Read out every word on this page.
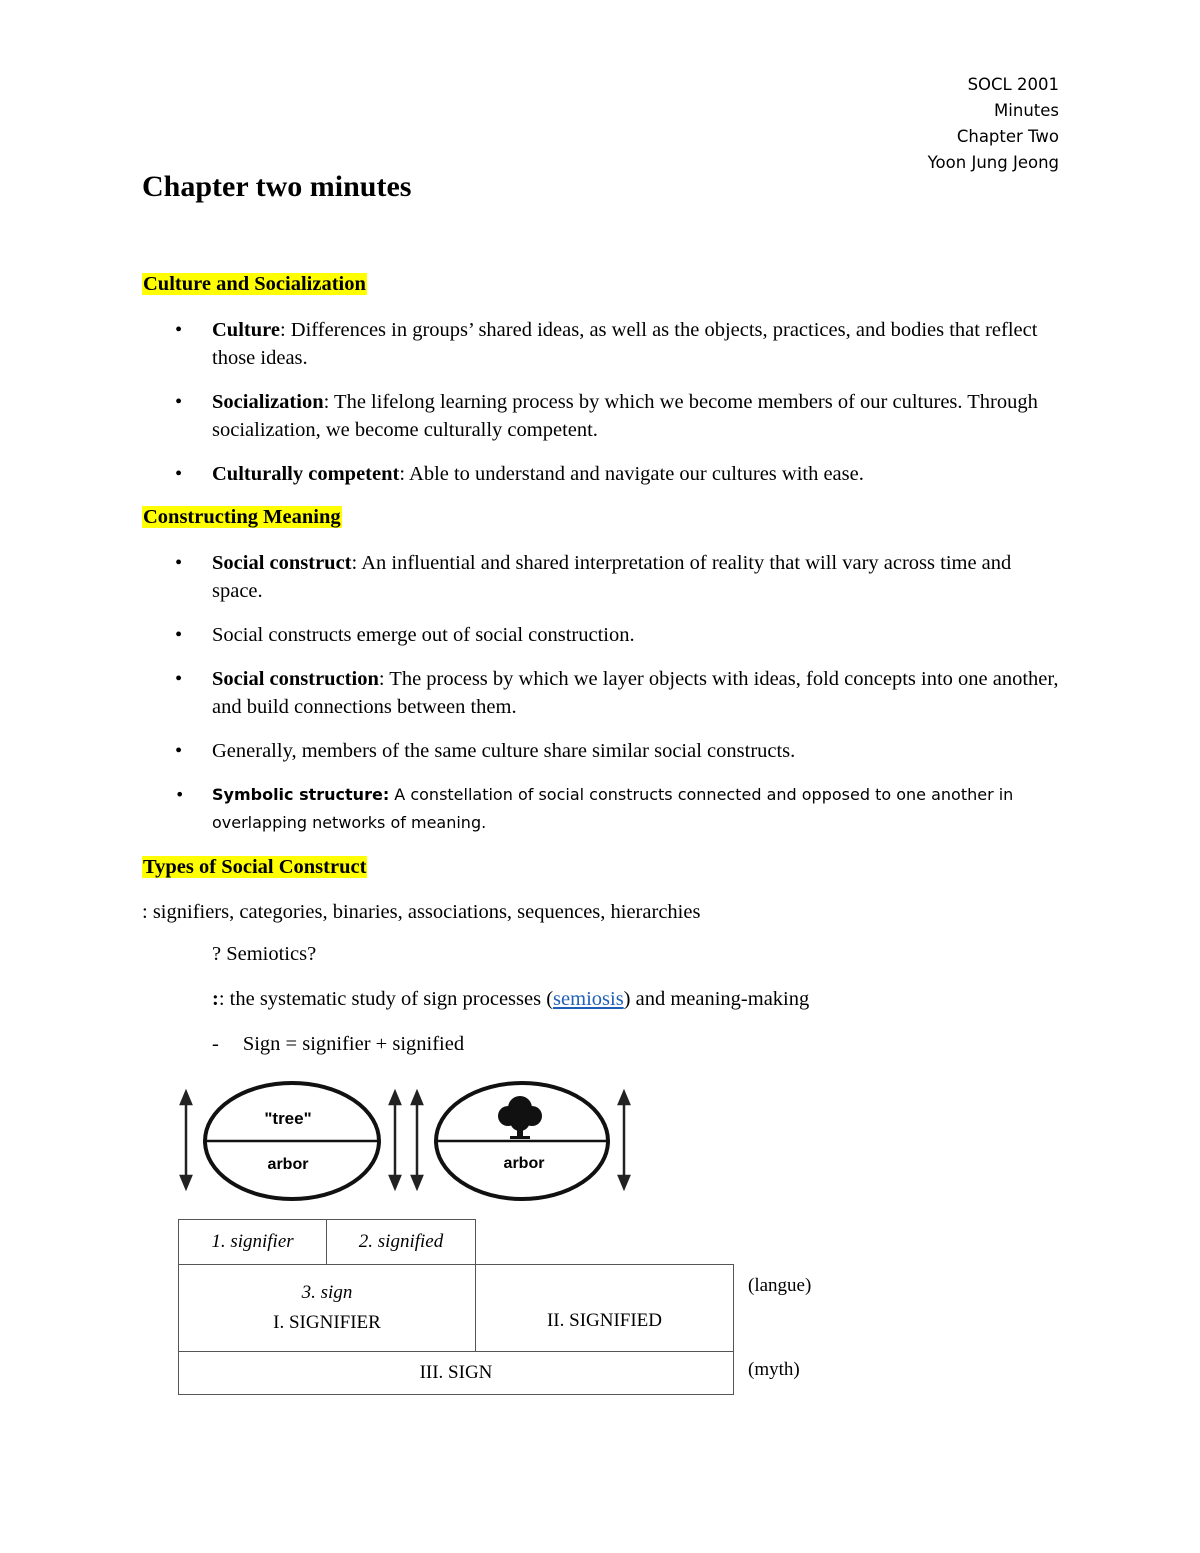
SOCL 2001
Minutes
Chapter Two
Yoon Jung Jeong
Chapter two minutes
Culture and Socialization
• Culture: Differences in groups’ shared ideas, as well as the objects, practices, and bodies that reflect those ideas.
• Socialization: The lifelong learning process by which we become members of our cultures. Through socialization, we become culturally competent.
• Culturally competent: Able to understand and navigate our cultures with ease.
Constructing Meaning
• Social construct: An influential and shared interpretation of reality that will vary across time and space.
• Social constructs emerge out of social construction.
• Social construction: The process by which we layer objects with ideas, fold concepts into one another, and build connections between them.
• Generally, members of the same culture share similar social constructs.
• Symbolic structure: A constellation of social constructs connected and opposed to one another in overlapping networks of meaning.
Types of Social Construct

: signifiers, categories, binaries, associations, sequences, hierarchies

? Semiotics?

:: the systematic study of sign processes (semiosis) and meaning-making

- Sign = signifier + signified

"tree"
arbor	arbor
1. signifier	2. signified
3. sign
I. SIGNIFIER	II. SIGNIFIED
III. SIGN
(langue)
(myth)
